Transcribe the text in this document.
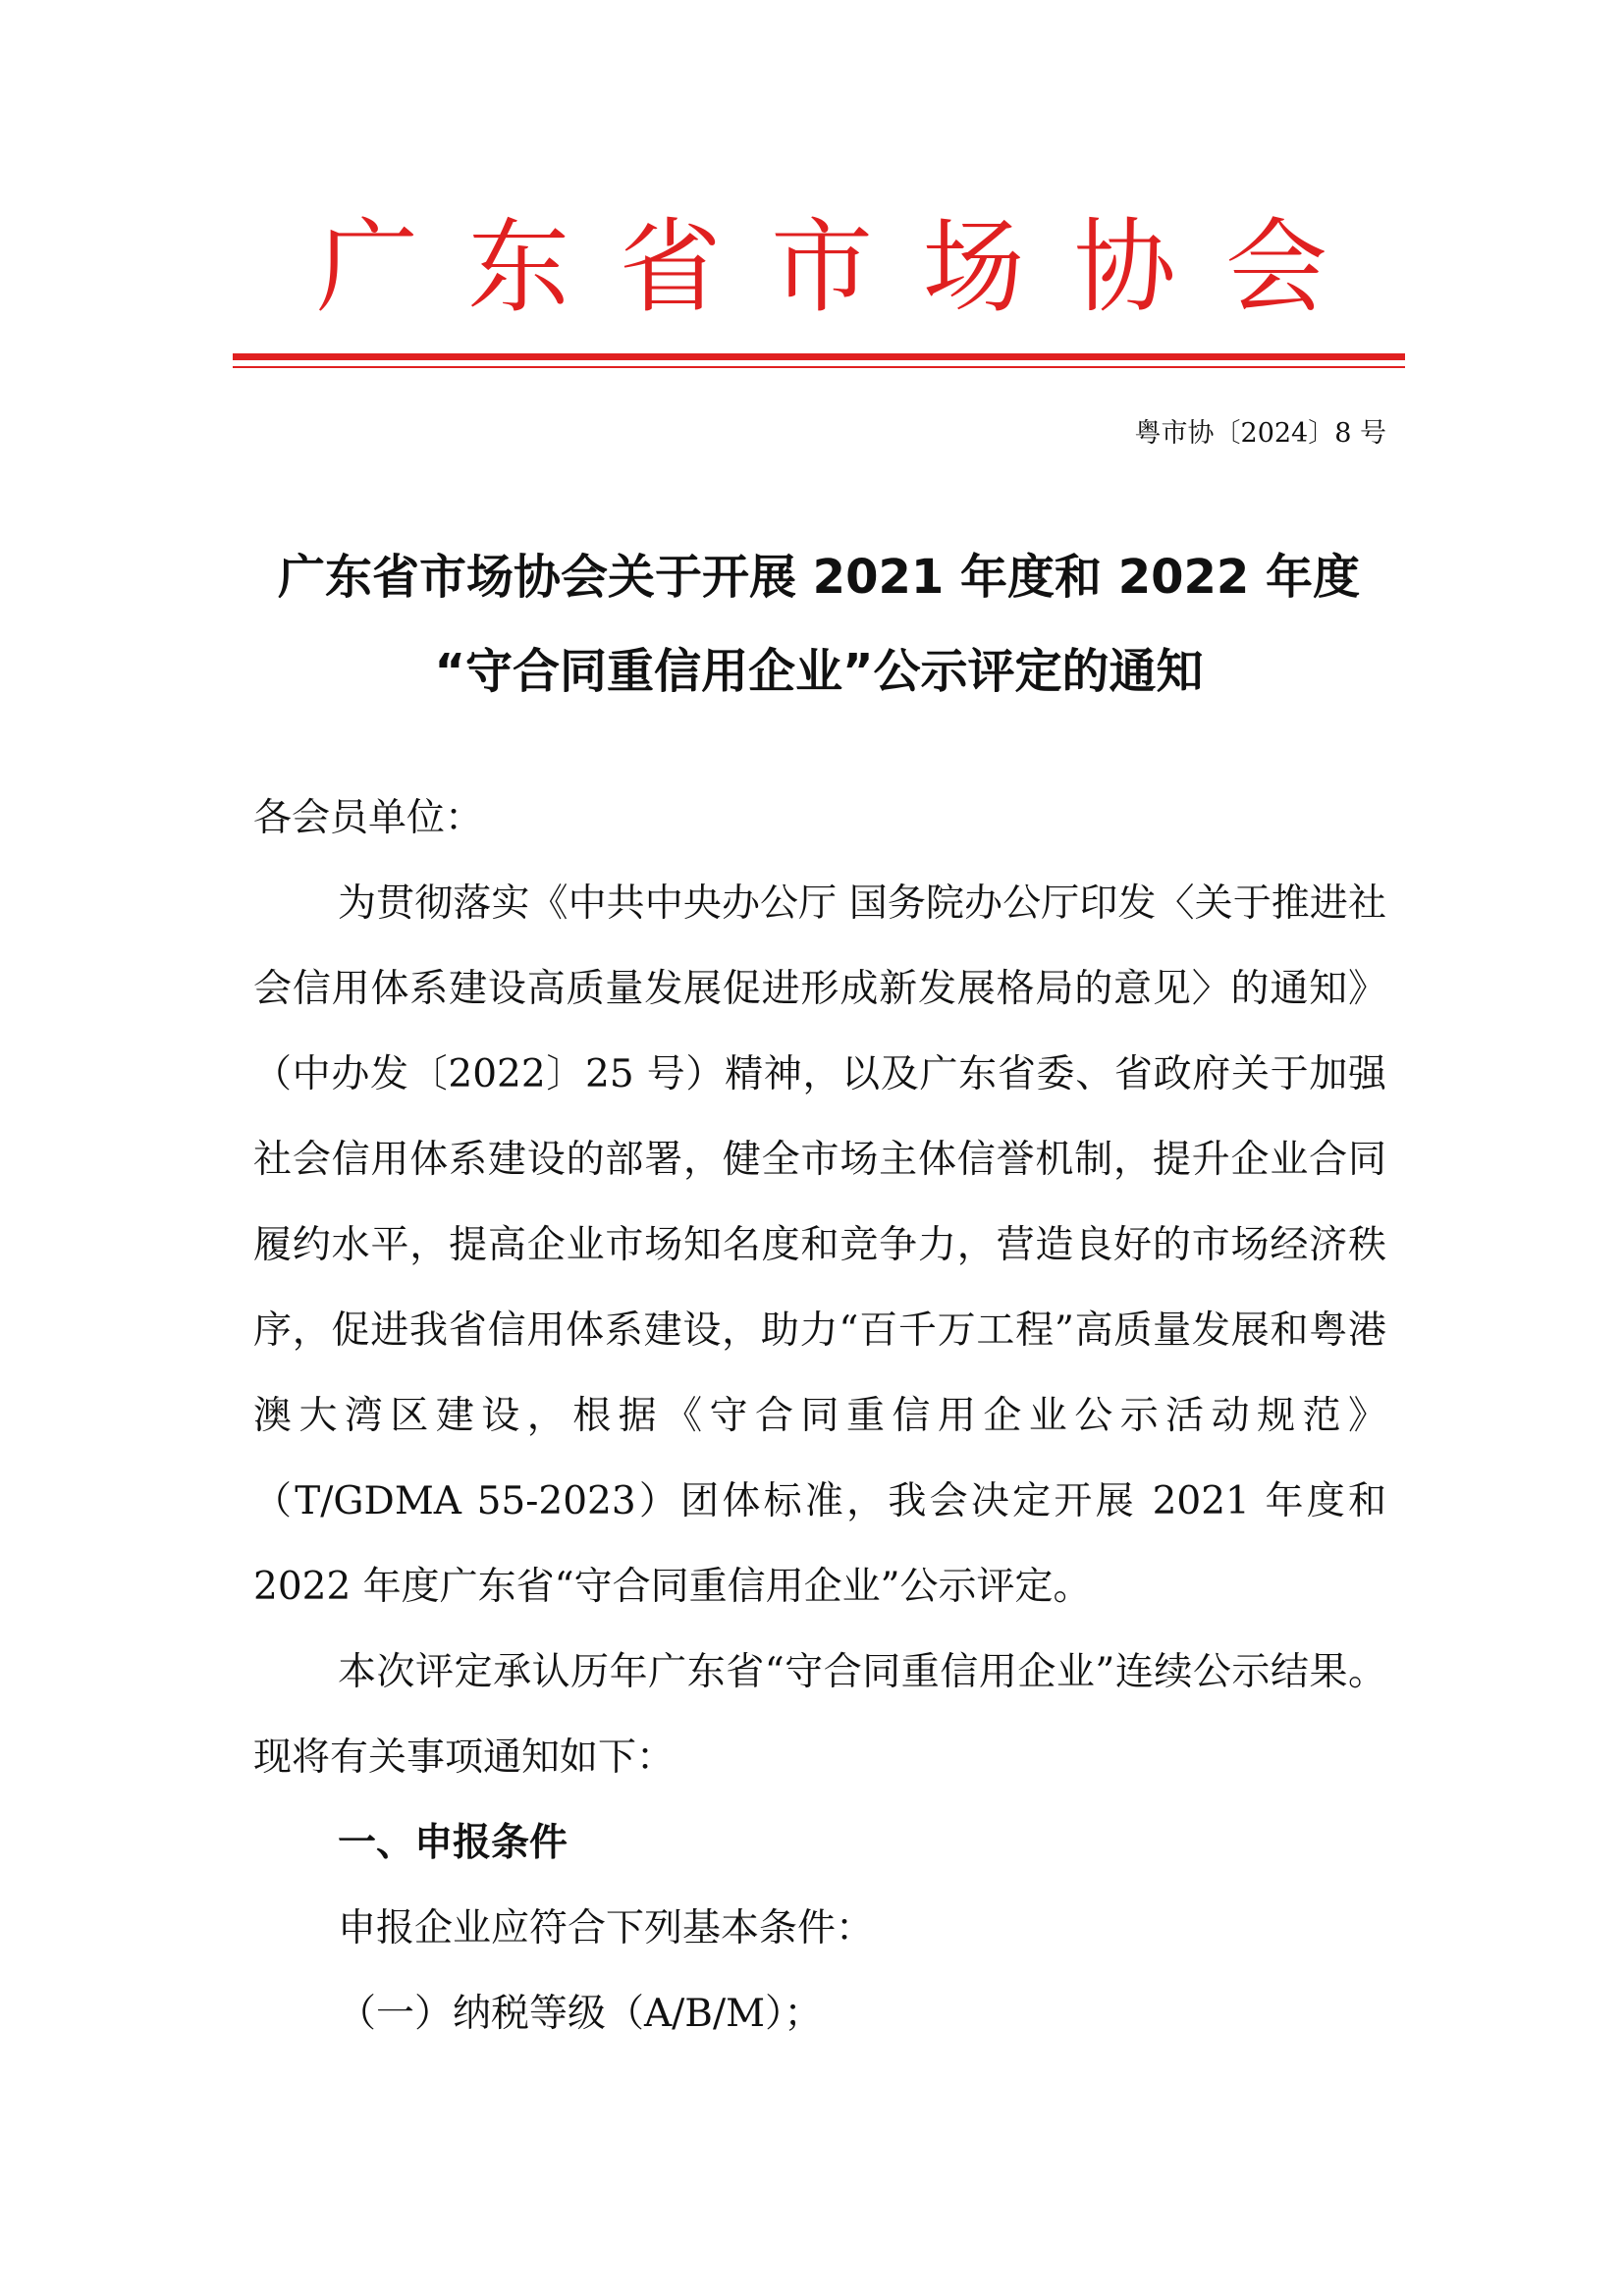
广 东 省 市 场 协 会
粤市协〔2024〕8 号
广东省市场协会关于开展 2021 年度和 2022 年度
“守合同重信用企业”公示评定的通知

各会员单位：

为贯彻落实《中共中央办公厅 国务院办公厅印发〈关于推进社会信用体系建设高质量发展促进形成新发展格局的意见〉的通知》（中办发〔2022〕25 号）精神，以及广东省委、省政府关于加强社会信用体系建设的部署，健全市场主体信誉机制，提升企业合同履约水平，提高企业市场知名度和竞争力，营造良好的市场经济秩序，促进我省信用体系建设，助力“百千万工程”高质量发展和粤港澳大湾区建设，根据《守合同重信用企业公示活动规范》（T/GDMA 55-2023）团体标准，我会决定开展 2021 年度和 2022 年度广东省“守合同重信用企业”公示评定。

本次评定承认历年广东省“守合同重信用企业”连续公示结果。现将有关事项通知如下：

一、申报条件

申报企业应符合下列基本条件：

（一）纳税等级（A/B/M）；
